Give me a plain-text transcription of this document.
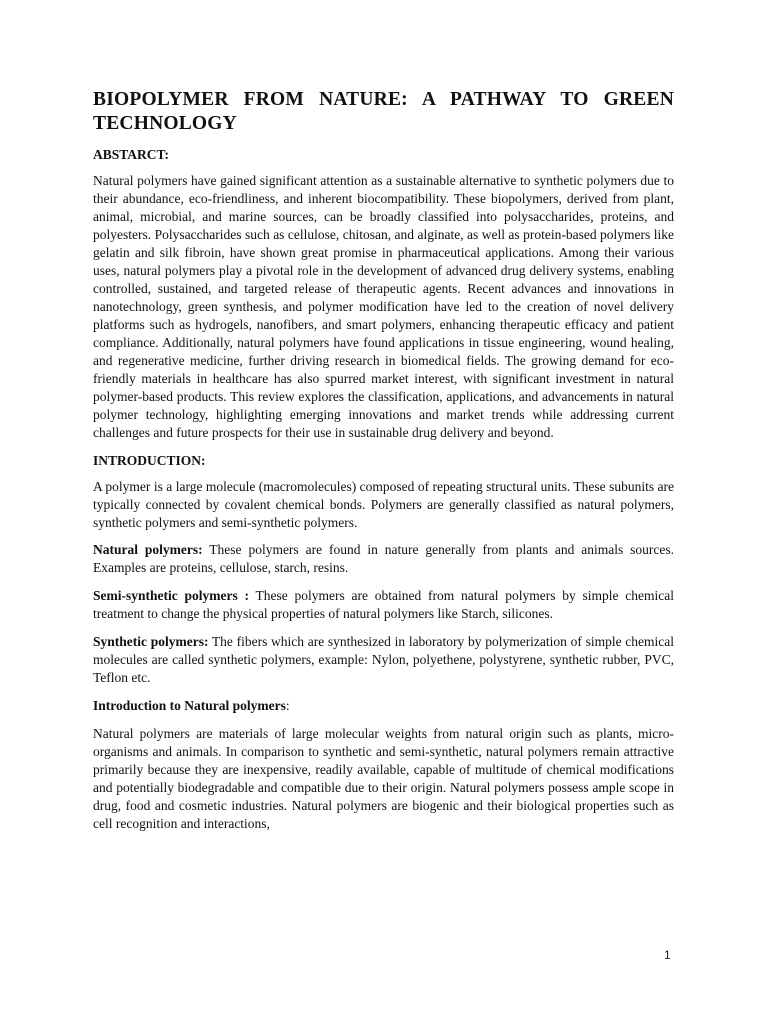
BIOPOLYMER FROM NATURE: A PATHWAY TO GREEN TECHNOLOGY
ABSTARCT:

Natural polymers have gained significant attention as a sustainable alternative to synthetic polymers due to their abundance, eco-friendliness, and inherent biocompatibility. These biopolymers, derived from plant, animal, microbial, and marine sources, can be broadly classified into polysaccharides, proteins, and polyesters. Polysaccharides such as cellulose, chitosan, and alginate, as well as protein-based polymers like gelatin and silk fibroin, have shown great promise in pharmaceutical applications. Among their various uses, natural polymers play a pivotal role in the development of advanced drug delivery systems, enabling controlled, sustained, and targeted release of therapeutic agents. Recent advances and innovations in nanotechnology, green synthesis, and polymer modification have led to the creation of novel delivery platforms such as hydrogels, nanofibers, and smart polymers, enhancing therapeutic efficacy and patient compliance. Additionally, natural polymers have found applications in tissue engineering, wound healing, and regenerative medicine, further driving research in biomedical fields. The growing demand for eco-friendly materials in healthcare has also spurred market interest, with significant investment in natural polymer-based products. This review explores the classification, applications, and advancements in natural polymer technology, highlighting emerging innovations and market trends while addressing current challenges and future prospects for their use in sustainable drug delivery and beyond.

INTRODUCTION:

A polymer is a large molecule (macromolecules) composed of repeating structural units. These subunits are typically connected by covalent chemical bonds. Polymers are generally classified as natural polymers, synthetic polymers and semi-synthetic polymers.

Natural polymers: These polymers are found in nature generally from plants and animals sources. Examples are proteins, cellulose, starch, resins.

Semi-synthetic polymers : These polymers are obtained from natural polymers by simple chemical treatment to change the physical properties of natural polymers like Starch, silicones.

Synthetic polymers: The fibers which are synthesized in laboratory by polymerization of simple chemical molecules are called synthetic polymers, example: Nylon, polyethene, polystyrene, synthetic rubber, PVC, Teflon etc.

Introduction to Natural polymers:

Natural polymers are materials of large molecular weights from natural origin such as plants, micro-organisms and animals. In comparison to synthetic and semi-synthetic, natural polymers remain attractive primarily because they are inexpensive, readily available, capable of multitude of chemical modifications and potentially biodegradable and compatible due to their origin. Natural polymers possess ample scope in drug, food and cosmetic industries. Natural polymers are biogenic and their biological properties such as cell recognition and interactions,

1
